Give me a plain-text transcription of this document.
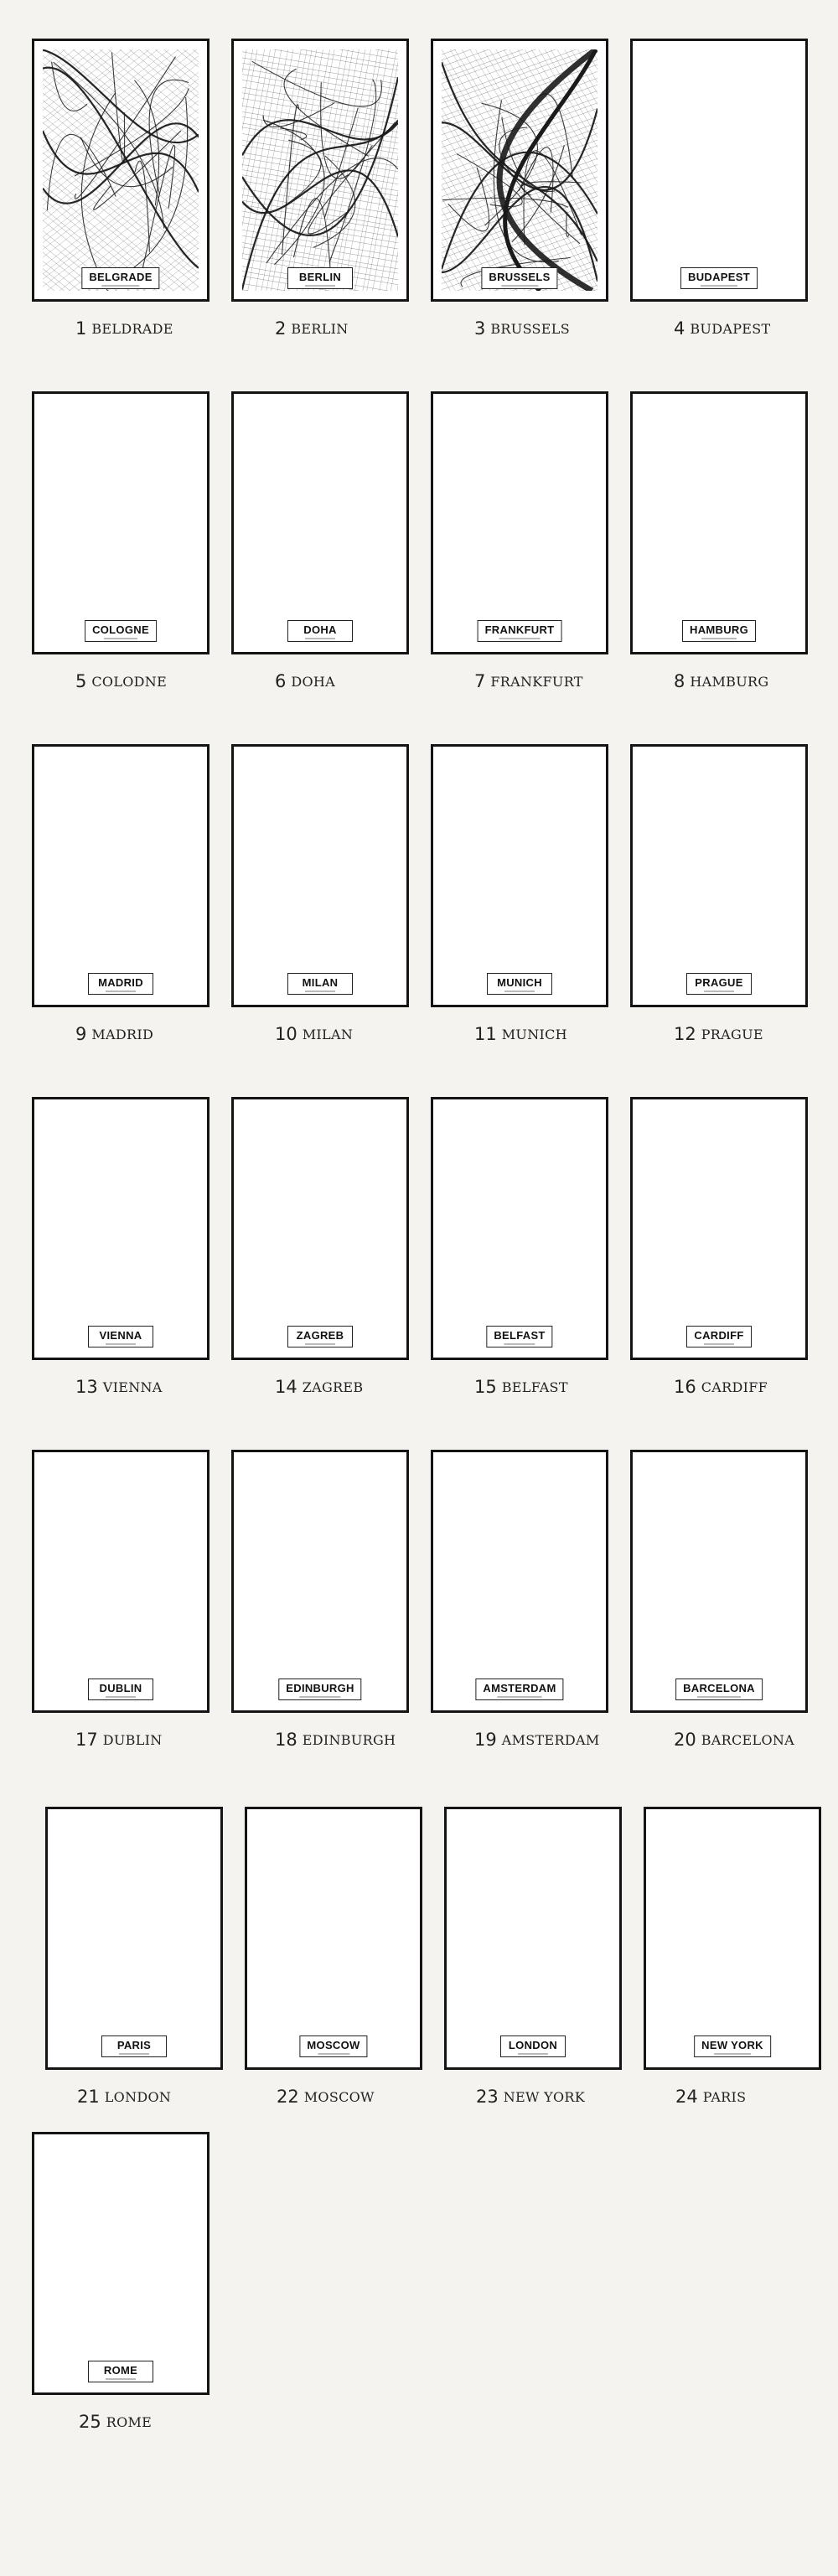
BELGRADE
1 BELDRADE
BERLIN
2 BERLIN
BRUSSELS
3 BRUSSELS
BUDAPEST
4 BUDAPEST
COLOGNE
5 COLODNE
DOHA
6 DOHA
FRANKFURT
7 FRANKFURT
HAMBURG
8 HAMBURG
MADRID
9 MADRID
MILAN
10 MILAN
MUNICH
11 MUNICH
PRAGUE
12 PRAGUE
VIENNA
13 VIENNA
ZAGREB
14 ZAGREB
BELFAST
15 BELFAST
CARDIFF
16 CARDIFF
DUBLIN
17 DUBLIN
EDINBURGH
18 EDINBURGH
AMSTERDAM
19 AMSTERDAM
BARCELONA
20 BARCELONA
PARIS
21 LONDON
MOSCOW
22 MOSCOW
LONDON
23 NEW YORK
NEW YORK
24 PARIS
ROME
25 ROME
